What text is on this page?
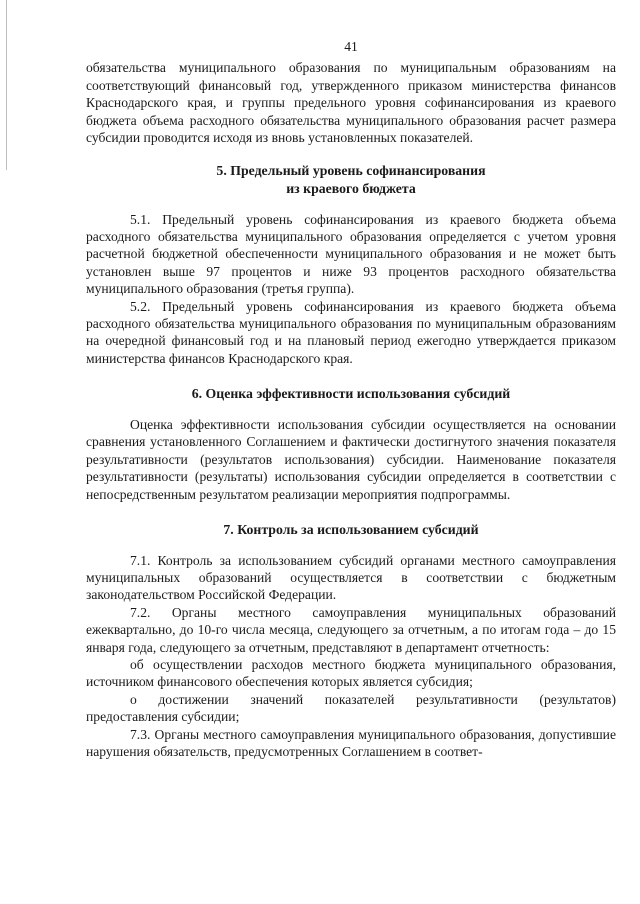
41

обязательства муниципального образования по муниципальным образованиям на соответствующий финансовый год, утвержденного приказом министерства финансов Краснодарского края, и группы предельного уровня софинансирования из краевого бюджета объема расходного обязательства муниципального образования расчет размера субсидии проводится исходя из вновь установленных показателей.

5. Предельный уровень софинансирования
из краевого бюджета

5.1. Предельный уровень софинансирования из краевого бюджета объема расходного обязательства муниципального образования определяется с учетом уровня расчетной бюджетной обеспеченности муниципального образования и не может быть установлен выше 97 процентов и ниже 93 процентов расходного обязательства муниципального образования (третья группа).

5.2. Предельный уровень софинансирования из краевого бюджета объема расходного обязательства муниципального образования по муниципальным образованиям на очередной финансовый год и на плановый период ежегодно утверждается приказом министерства финансов Краснодарского края.

6. Оценка эффективности использования субсидий

Оценка эффективности использования субсидии осуществляется на основании сравнения установленного Соглашением и фактически достигнутого значения показателя результативности (результатов использования) субсидии. Наименование показателя результативности (результаты) использования субсидии определяется в соответствии с непосредственным результатом реализации мероприятия подпрограммы.

7. Контроль за использованием субсидий

7.1. Контроль за использованием субсидий органами местного самоуправления муниципальных образований осуществляется в соответствии с бюджетным законодательством Российской Федерации.

7.2. Органы местного самоуправления муниципальных образований ежеквартально, до 10-го числа месяца, следующего за отчетным, а по итогам года – до 15 января года, следующего за отчетным, представляют в департамент отчетность:

об осуществлении расходов местного бюджета муниципального образования, источником финансового обеспечения которых является субсидия;

о достижении значений показателей результативности (результатов) предоставления субсидии;

7.3. Органы местного самоуправления муниципального образования, допустившие нарушения обязательств, предусмотренных Соглашением в соответ-
